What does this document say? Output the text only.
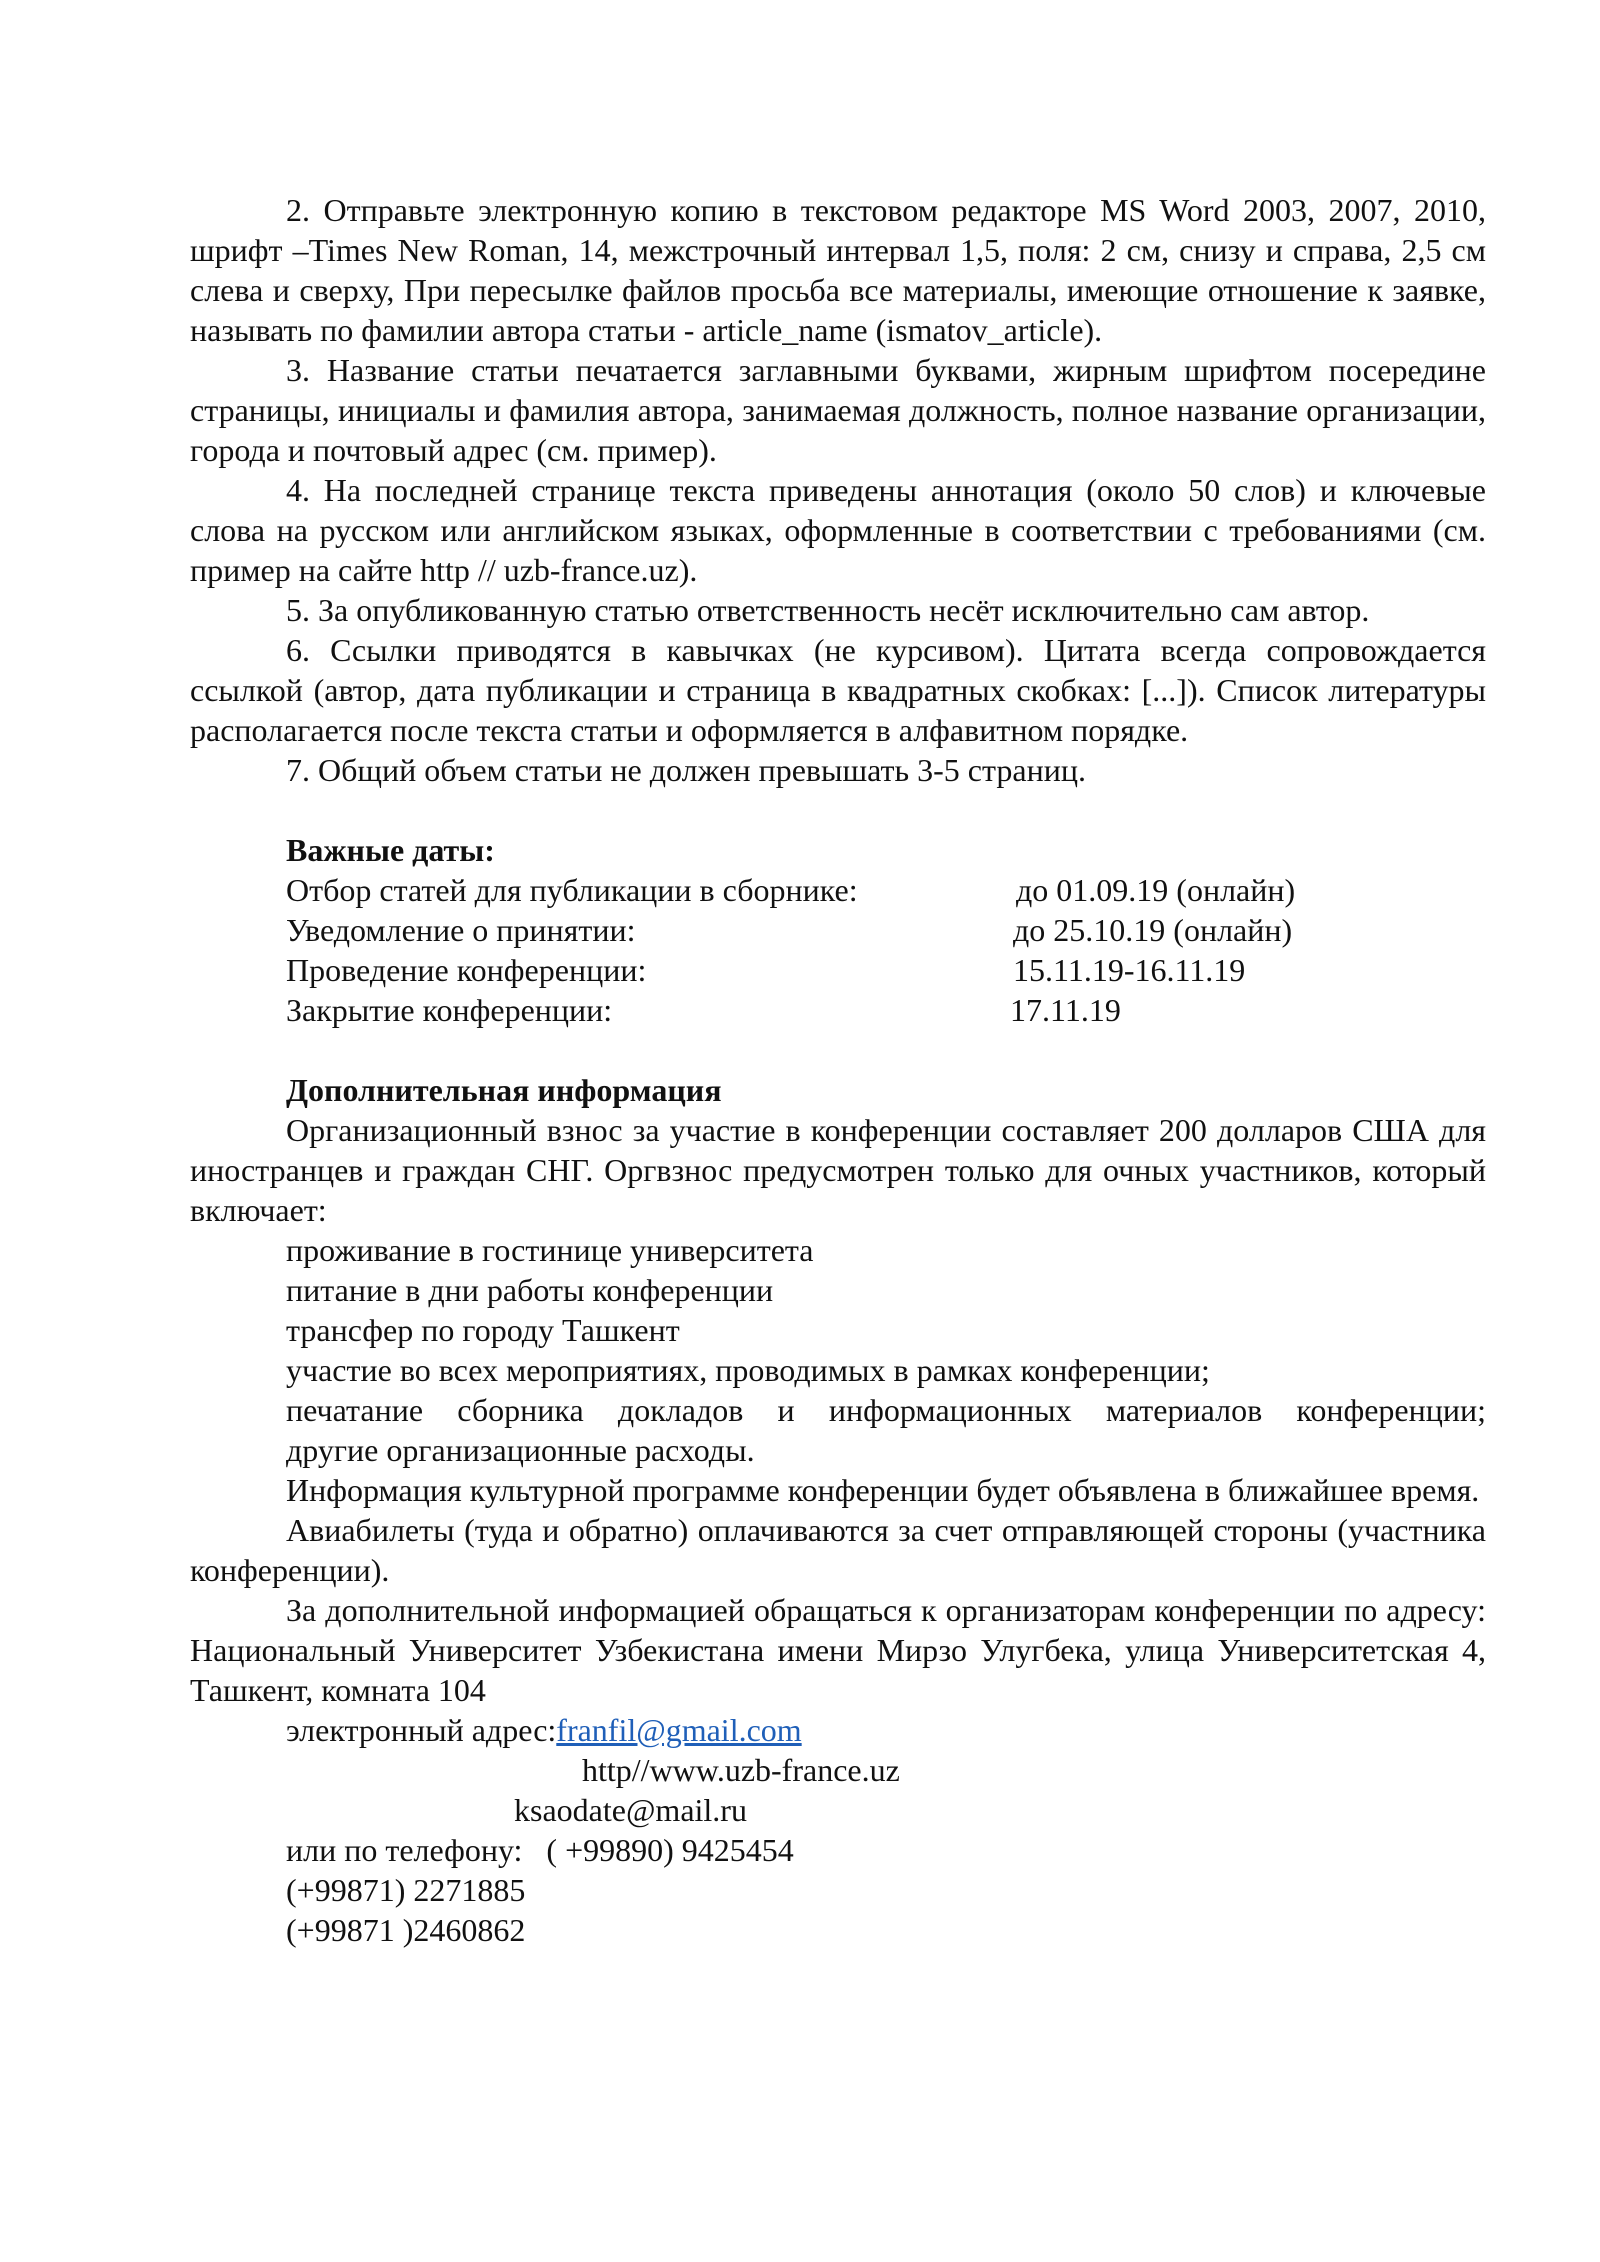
2. Отправьте электронную копию в текстовом редакторе MS Word 2003, 2007, 2010, шрифт –Times New Roman, 14, межстрочный интервал 1,5, поля: 2 см, снизу и справа, 2,5 см слева и сверху, При пересылке файлов просьба все материалы, имеющие отношение к заявке, называть по фамилии автора статьи - article_name (ismatov_article).

3. Название статьи печатается заглавными буквами, жирным шрифтом посередине страницы, инициалы и фамилия автора, занимаемая должность, полное название организации, города и почтовый адрес (см. пример).

4. На последней странице текста приведены аннотация (около 50 слов) и ключевые слова на русском или английском языках, оформленные в соответствии с требованиями (см. пример на сайте http // uzb-france.uz).

5. За опубликованную статью ответственность несёт исключительно сам автор.

6. Ссылки приводятся в кавычках (не курсивом). Цитата всегда сопровождается ссылкой (автор, дата публикации и страница в квадратных скобках: [...]). Список литературы располагается после текста статьи и оформляется в алфавитном порядке.

7. Общий объем статьи не должен превышать 3-5 страниц.

Важные даты:

Отбор статей для публикации в сборнике:	до 01.09.19 (онлайн)
Уведомление о принятии:	до 25.10.19 (онлайн)
Проведение конференции:	15.11.19-16.11.19
Закрытие конференции:	17.11.19

Дополнительная информация

Организационный взнос за участие в конференции составляет 200 долларов США для иностранцев и граждан СНГ. Оргвзнос предусмотрен только для очных участников, который включает:

проживание в гостинице университета

питание в дни работы конференции

трансфер по городу Ташкент

участие во всех мероприятиях, проводимых в рамках конференции;

печатание сборника докладов и информационных материалов конференции;

другие организационные расходы.

Информация культурной программе конференции будет объявлена в ближайшее время.

Авиабилеты (туда и обратно) оплачиваются за счет отправляющей стороны (участника конференции).

За дополнительной информацией обращаться к организаторам конференции по адресу: Национальный Университет Узбекистана имени Мирзо Улугбека, улица Университетская 4, Ташкент, комната 104

электронный адрес:franfil@gmail.com

http//www.uzb-france.uz
ksaodate@mail.ru

или по телефону:   ( +99890) 9425454

(+99871) 2271885

(+99871 )2460862
